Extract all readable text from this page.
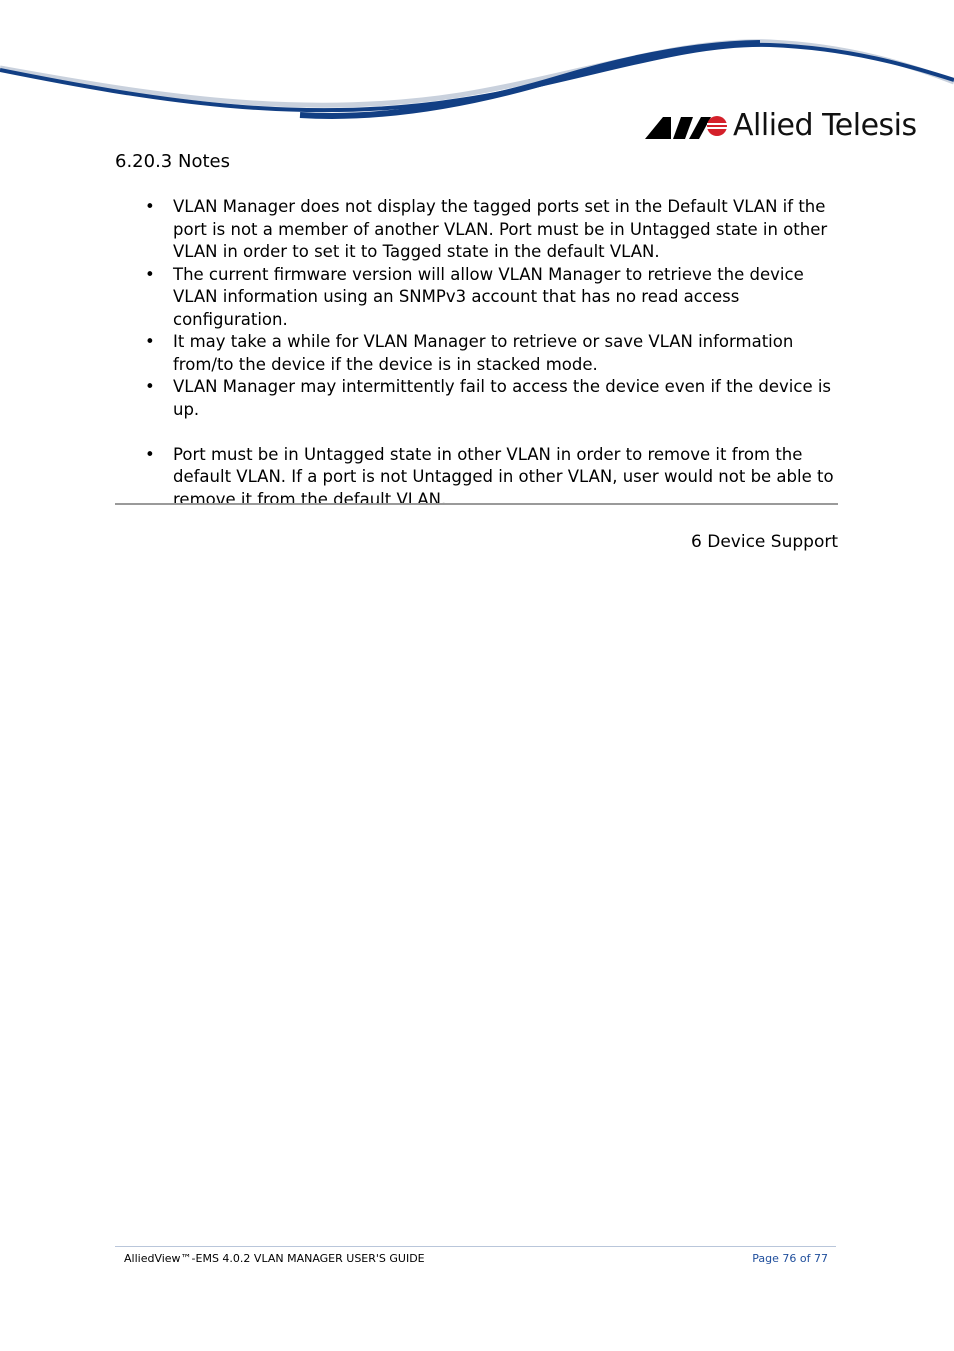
Allied Telesis
6.20.3 Notes
• VLAN Manager does not display the tagged ports set in the Default VLAN if the port is not a member of another VLAN. Port must be in Untagged state in other VLAN in order to set it to Tagged state in the default VLAN.
• The current firmware version will allow VLAN Manager to retrieve the device VLAN information using an SNMPv3 account that has no read access configuration.
• It may take a while for VLAN Manager to retrieve or save VLAN information from/to the device if the device is in stacked mode.
• VLAN Manager may intermittently fail to access the device even if the device is up.
• Port must be in Untagged state in other VLAN in order to remove it from the default VLAN. If a port is not Untagged in other VLAN, user would not be able to remove it from the default VLAN.
6 Device Support
AlliedView™-EMS 4.0.2 VLAN MANAGER USER'S GUIDE	Page 76 of 77
